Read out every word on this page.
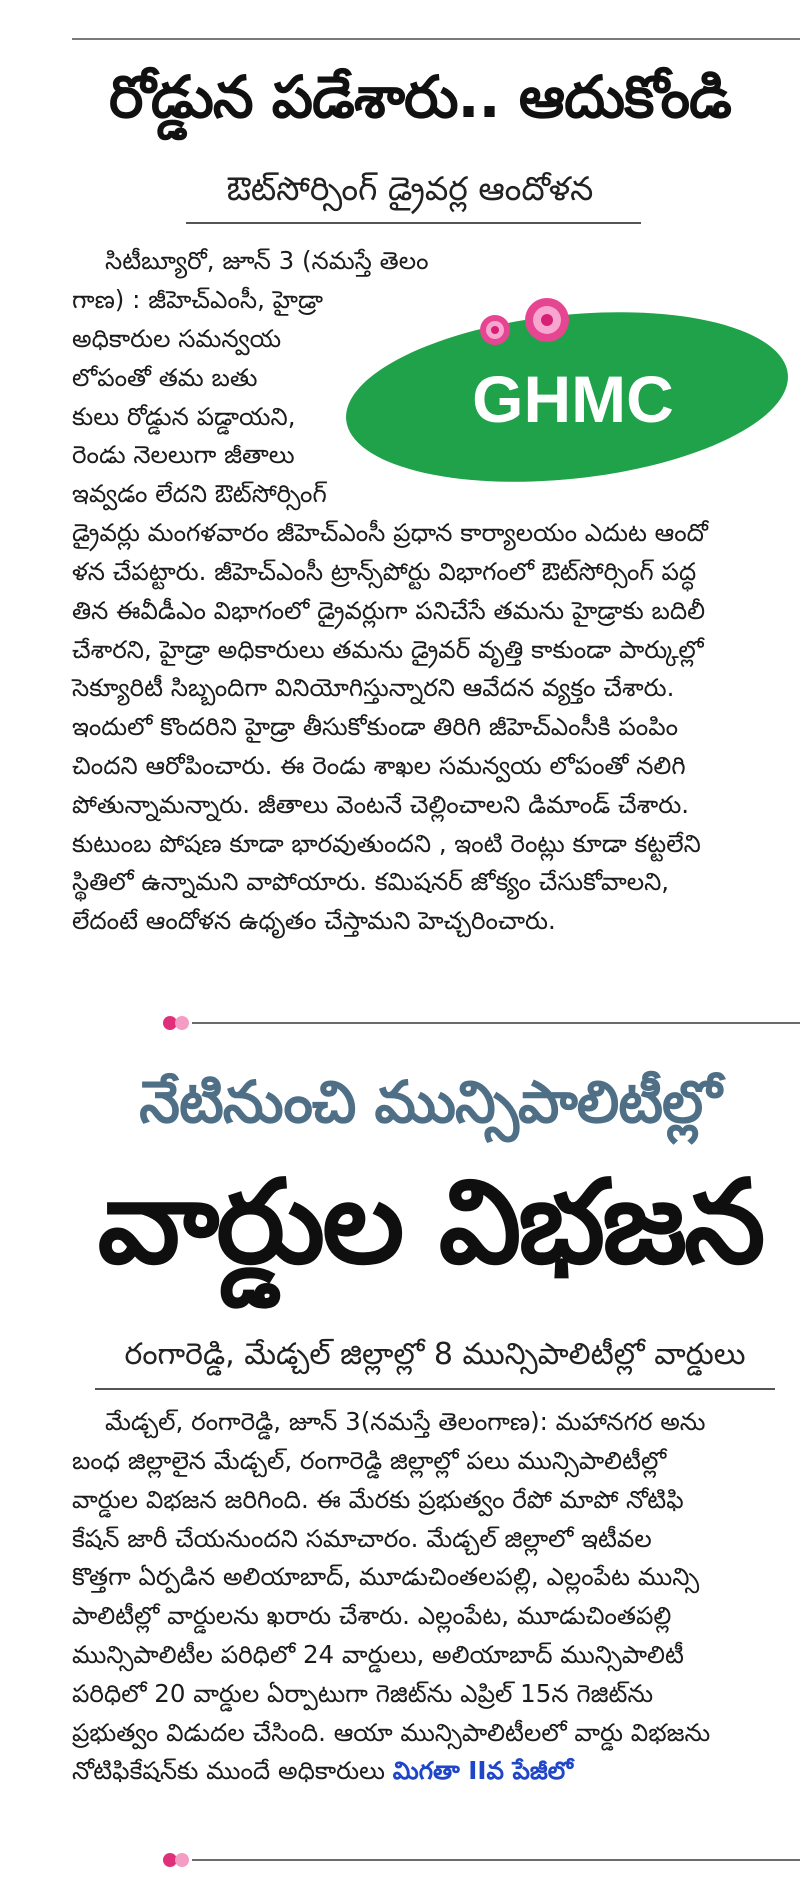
రోడ్డున పడేశారు.. ఆదుకోండి
ఔట్‌సోర్సింగ్ డ్రైవర్ల ఆందోళన

సిటీబ్యూరో, జూన్ 3 (నమస్తే తెలం

గాణ) : జీహెచ్ఎంసీ, హైడ్రా

అధికారుల సమన్వయ

లోపంతో తమ బతు

కులు రోడ్డున పడ్డాయని,

రెండు నెలలుగా జీతాలు

ఇవ్వడం లేదని ఔట్‌సోర్సింగ్

GHMC

డ్రైవర్లు మంగళవారం జీహెచ్ఎంసీ ప్రధాన కార్యాలయం ఎదుట ఆందో

ళన చేపట్టారు. జీహెచ్ఎంసీ ట్రాన్స్‌పోర్టు విభాగంలో ఔట్‌సోర్సింగ్ పద్ధ

తిన ఈవీడీఎం విభాగంలో డ్రైవర్లుగా పనిచేసే తమను హైడ్రాకు బదిలీ

చేశారని, హైడ్రా అధికారులు తమను డ్రైవర్ వృత్తి కాకుండా పార్కుల్లో

సెక్యూరిటీ సిబ్బందిగా వినియోగిస్తున్నారని ఆవేదన వ్యక్తం చేశారు.

ఇందులో కొందరిని హైడ్రా తీసుకోకుండా తిరిగి జీహెచ్ఎంసీకి పంపిం

చిందని ఆరోపించారు. ఈ రెండు శాఖల సమన్వయ లోపంతో నలిగి

పోతున్నామన్నారు. జీతాలు వెంటనే చెల్లించాలని డిమాండ్ చేశారు.

కుటుంబ పోషణ కూడా భారవుతుందని , ఇంటి రెంట్లు కూడా కట్టలేని

స్థితిలో ఉన్నామని వాపోయారు. కమిషనర్ జోక్యం చేసుకోవాలని,

లేదంటే ఆందోళన ఉధృతం చేస్తామని హెచ్చరించారు.

నేటినుంచి మున్సిపాలిటీల్లో
వార్డుల విభజన
రంగారెడ్డి, మేడ్చల్ జిల్లాల్లో 8 మున్సిపాలిటీల్లో వార్డులు

మేడ్చల్, రంగారెడ్డి, జూన్ 3(నమస్తే తెలంగాణ): మహానగర అను

బంధ జిల్లాలైన మేడ్చల్, రంగారెడ్డి జిల్లాల్లో పలు మున్సిపాలిటీల్లో

వార్డుల విభజన జరిగింది. ఈ మేరకు ప్రభుత్వం రేపో మాపో నోటిఫి

కేషన్ జారీ చేయనుందని సమాచారం. మేడ్చల్ జిల్లాలో ఇటీవల

కొత్తగా ఏర్పడిన అలియాబాద్, మూడుచింతలపల్లి, ఎల్లంపేట మున్సి

పాలిటీల్లో వార్డులను ఖరారు చేశారు. ఎల్లంపేట, మూడుచింతపల్లి

మున్సిపాలిటీల పరిధిలో 24 వార్డులు, అలియాబాద్ మున్సిపాలిటీ

పరిధిలో 20 వార్డుల ఏర్పాటుగా గెజిట్‌ను ఎప్రిల్ 15న గెజిట్‌ను

ప్రభుత్వం విడుదల చేసింది. ఆయా మున్సిపాలిటీలలో వార్డు విభజను

నోటిఫికేషన్‌కు ముందే అధికారులు మిగతా IIవ పేజీలో
